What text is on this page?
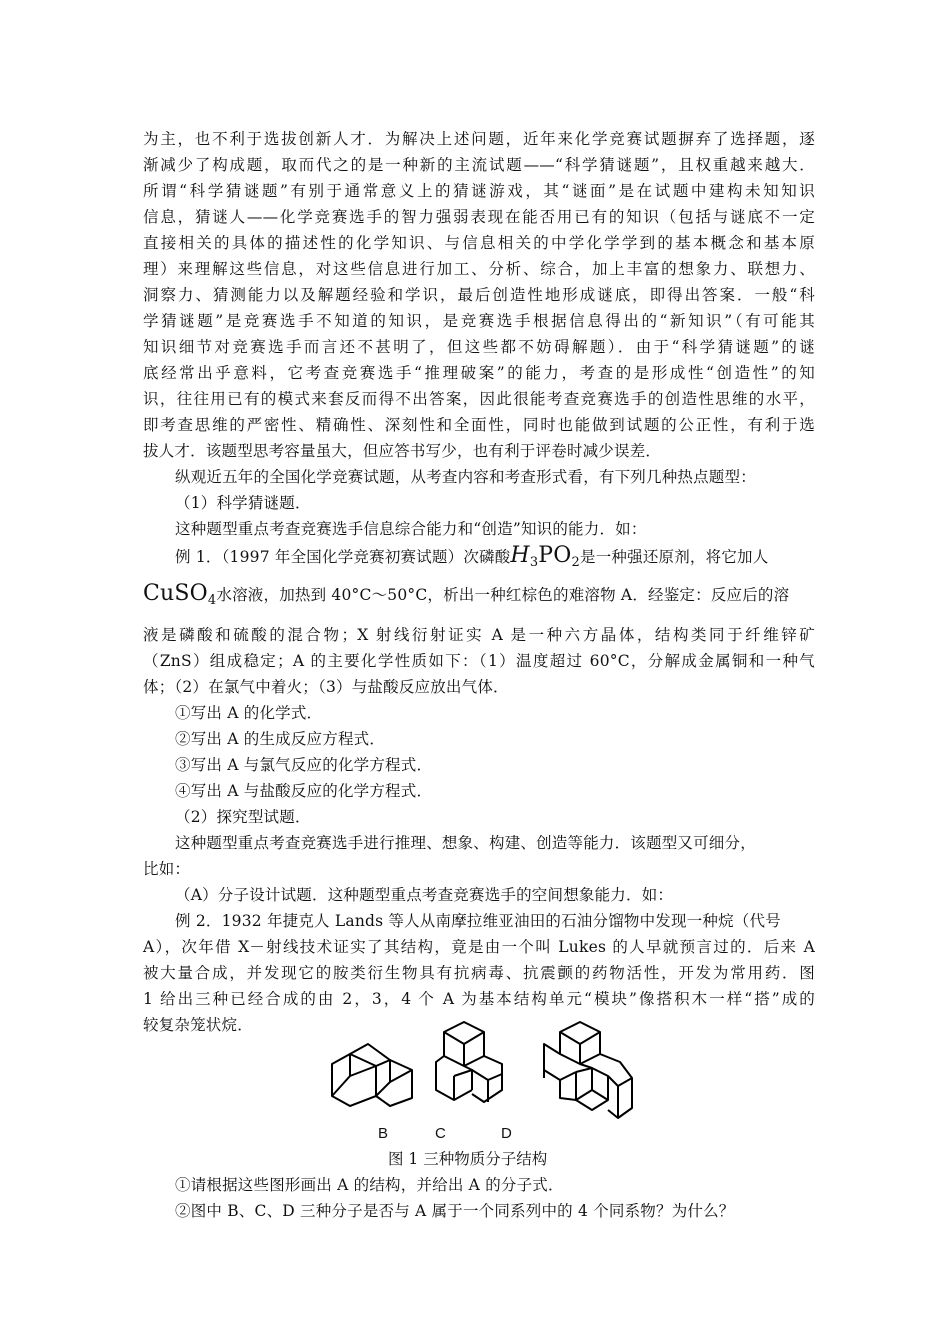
为主，也不利于选拔创新人才．为解决上述问题，近年来化学竞赛试题摒弃了选择题，逐
渐减少了构成题，取而代之的是一种新的主流试题——“科学猜谜题”，且权重越来越大．
所谓“科学猜谜题”有别于通常意义上的猜谜游戏，其“谜面”是在试题中建构未知知识
信息，猜谜人——化学竞赛选手的智力强弱表现在能否用已有的知识（包括与谜底不一定
直接相关的具体的描述性的化学知识、与信息相关的中学化学学到的基本概念和基本原
理）来理解这些信息，对这些信息进行加工、分析、综合，加上丰富的想象力、联想力、
洞察力、猜测能力以及解题经验和学识，最后创造性地形成谜底，即得出答案．一般“科
学猜谜题”是竞赛选手不知道的知识，是竞赛选手根据信息得出的“新知识”（有可能其
知识细节对竞赛选手而言还不甚明了，但这些都不妨碍解题）．由于“科学猜谜题”的谜
底经常出乎意料，它考查竞赛选手“推理破案”的能力，考查的是形成性“创造性”的知
识，往往用已有的模式来套反而得不出答案，因此很能考查竞赛选手的创造性思维的水平，
即考查思维的严密性、精确性、深刻性和全面性，同时也能做到试题的公正性，有利于选
拔人才．该题型思考容量虽大，但应答书写少，也有利于评卷时减少误差．
纵观近五年的全国化学竞赛试题，从考查内容和考查形式看，有下列几种热点题型：
（1）科学猜谜题．
这种题型重点考查竞赛选手信息综合能力和“创造”知识的能力．如：
例 1．（1997 年全国化学竞赛初赛试题）次磷酸$H_3PO_2$是一种强还原剂，将它加人
CuSO$_4$水溶液，加热到 40°C～50°C，析出一种红棕色的难溶物 A．经鉴定：反应后的溶
液是磷酸和硫酸的混合物；X 射线衍射证实 A 是一种六方晶体，结构类同于纤维锌矿
（ZnS）组成稳定；A 的主要化学性质如下：（1）温度超过 60°C，分解成金属铜和一种气
体；（2）在氯气中着火；（3）与盐酸反应放出气体．
①写出 A 的化学式．
②写出 A 的生成反应方程式．
③写出 A 与氯气反应的化学方程式．
④写出 A 与盐酸反应的化学方程式．
（2）探究型试题．
这种题型重点考查竞赛选手进行推理、想象、构建、创造等能力．该题型又可细分，
比如：
（A）分子设计试题．这种题型重点考查竞赛选手的空间想象能力．如：
例 2．1932 年捷克人 Lands 等人从南摩拉维亚油田的石油分馏物中发现一种烷（代号
A），次年借 X－射线技术证实了其结构，竟是由一个叫 Lukes 的人早就预言过的．后来 A
被大量合成，并发现它的胺类衍生物具有抗病毒、抗震颤的药物活性，开发为常用药．图
1 给出三种已经合成的由 2，3，4 个 A 为基本结构单元“模块”像搭积木一样“搭”成的
较复杂笼状烷．
B	C	D
图 1 三种物质分子结构
①请根据这些图形画出 A 的结构，并给出 A 的分子式．
②图中 B、C、D 三种分子是否与 A 属于一个同系列中的 4 个同系物？为什么？
